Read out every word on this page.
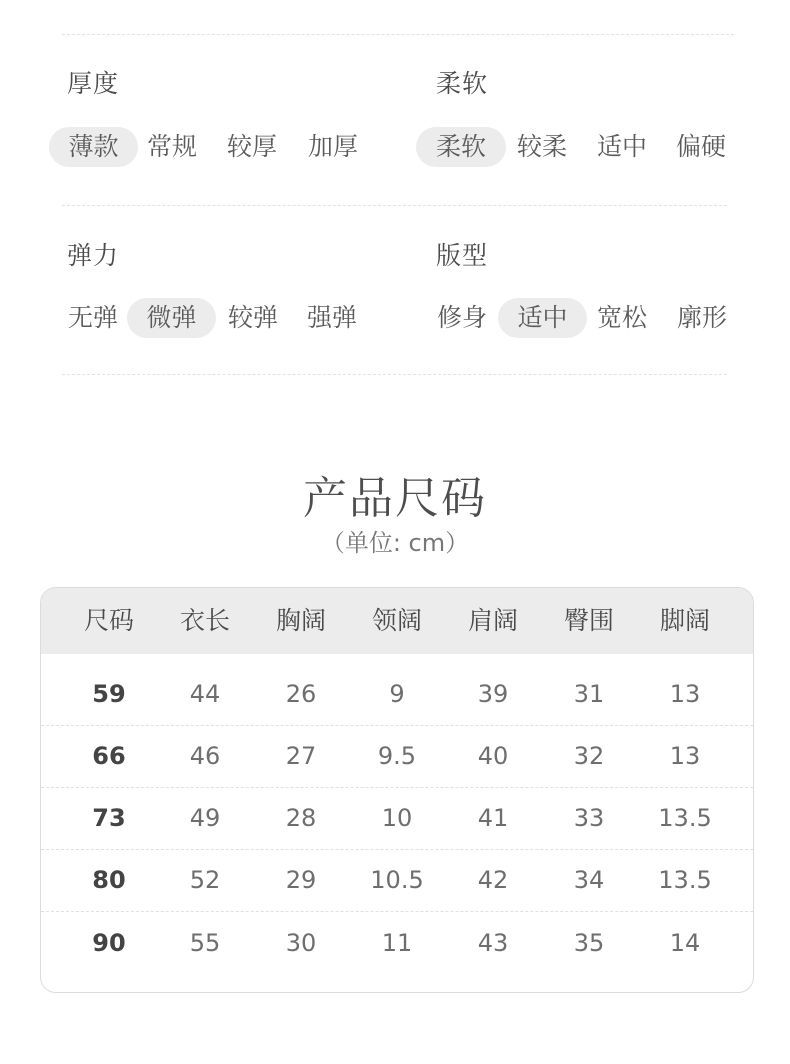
厚度
薄款	常规	较厚	加厚
柔软
柔软	较柔	适中	偏硬
弹力
无弹	微弹	较弹	强弹
版型
修身	适中	宽松	廓形
产品尺码
（单位: cm）
尺码	衣长	胸阔	领阔	肩阔	臀围	脚阔
59	44	26	9	39	31	13
66	46	27	9.5	40	32	13
73	49	28	10	41	33	13.5
80	52	29	10.5	42	34	13.5
90	55	30	11	43	35	14
